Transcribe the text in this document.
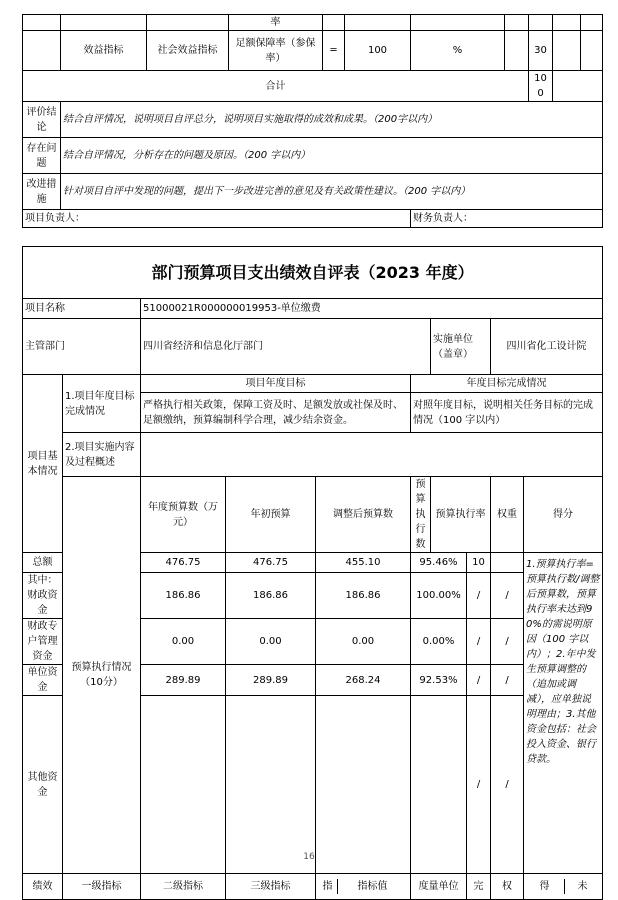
			率							
	效益指标	社会效益指标	足额保障率（参保率）	═	100	%		30		
合计								100		
评价结论	结合自评情况，说明项目自评总分，说明项目实施取得的成效和成果。（200字以内）									
存在问题	结合自评情况，分析存在的问题及原因。（200 字以内）									
改进措施	针对项目自评中发现的问题，提出下一步改进完善的意见及有关政策性建议。（200 字以内）									
项目负责人：						财务负责人：				
部门预算项目支出绩效自评表（2023 年度）										
项目名称		51000021R000000019953-单位缴费								
主管部门		四川省经济和信息化厅部门				实施单位（盖章）		四川省化工设计院		
项目基本情况	1.项目年度目标完成情况	项目年度目标			年度目标完成情况					
		严格执行相关政策，保障工资及时、足额发放或社保及时、足额缴纳，预算编制科学合理，减少结余资金。			对照年度目标，说明相关任务目标的完成情况（100 字以内）					
	2.项目实施内容及过程概述									
	预算执行情况（10分）	年度预算数（万元）	年初预算	调整后预算数	预算执行数	预算执行率		权重	得分	
总额		476.75	476.75	455.10	95.46%		10		1.预算执行率=预算执行数/调整后预算数，预算执行率未达到90%的需说明原因（100 字以内）；2.年中发生预算调整的（追加或调减），应单独说明理由；3.其他资金包括：社会投入资金、银行贷款。	
其中：财政资金		186.86	186.86	186.86	100.00%		/	/		
财政专户管理资金		0.00	0.00	0.00	0.00%		/	/		
单位资金		289.89	289.89	268.24	92.53%		/	/		
其他资金							/	/		
绩效	一级指标	二级指标	三级指标	指 指标值	度量单位		完	权	得 未	
16
